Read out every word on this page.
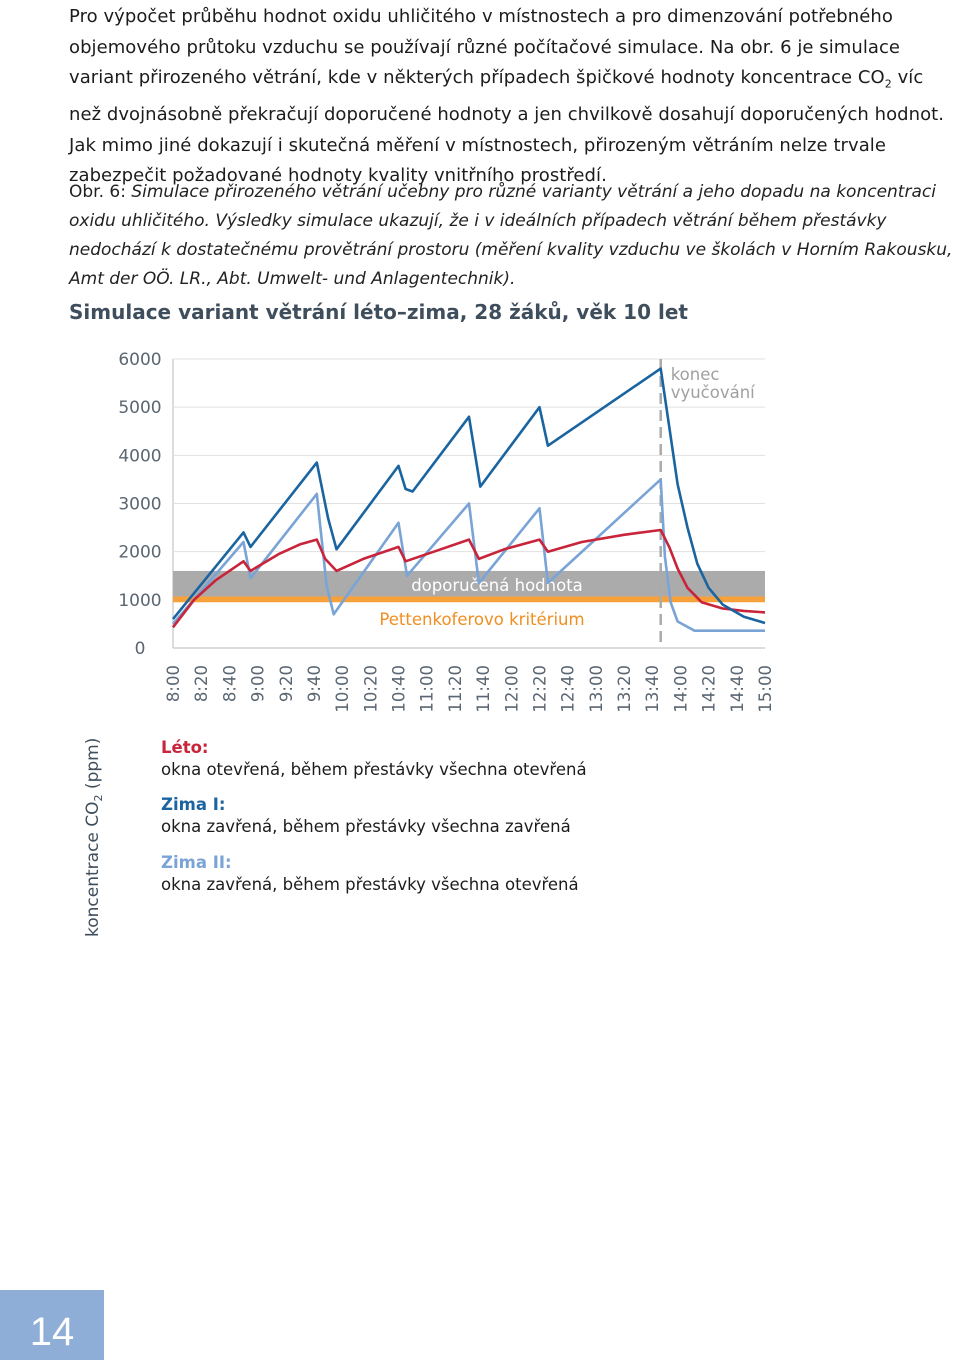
Pro výpočet průběhu hodnot oxidu uhličitého v místnostech a pro dimenzování potřebného objemového průtoku vzduchu se používají různé počítačové simulace. Na obr. 6 je simulace variant přirozeného větrání, kde v některých případech špičkové hodnoty koncentrace $CO_2$ víc než dvojnásobně překračují doporučené hodnoty a jen chvilkově dosahují doporučených hodnot. Jak mimo jiné dokazují i skutečná měření v místnostech, přirozeným větráním nelze trvale zabezpečit požadované hodnoty kvality vnitřního prostředí.

Obr. 6: Simulace přirozeného větrání učebny pro různé varianty větrání a jeho dopadu na koncentraci oxidu uhličitého. Výsledky simulace ukazují, že i v ideálních případech větrání během přestávky nedochází k dostatečnému provětrání prostoru (měření kvality vzduchu ve školách v Horním Rakousku, Amt der OÖ. LR., Abt. Umwelt- und Anlagentechnik).

Simulace variant větrání léto–zima, 28 žáků, věk 10 let
doporučená hodnota
Pettenkoferovo kritérium
konec
vyučování
6000
5000
4000
3000
2000
1000
0
8:00 8:20 8:40 9:00 9:20 9:40 10:00 10:20 10:40 11:00 11:20 11:40 12:00 12:20 12:40 13:00 13:20 13:40 14:00 14:20 14:40 15:00
koncentrace $CO_2$ (ppm)	Léto:
okna otevřená, během přestávky všechna otevřená
Zima I:
okna zavřená, během přestávky všechna zavřená
Zima II:
okna zavřená, během přestávky všechna otevřená
14
